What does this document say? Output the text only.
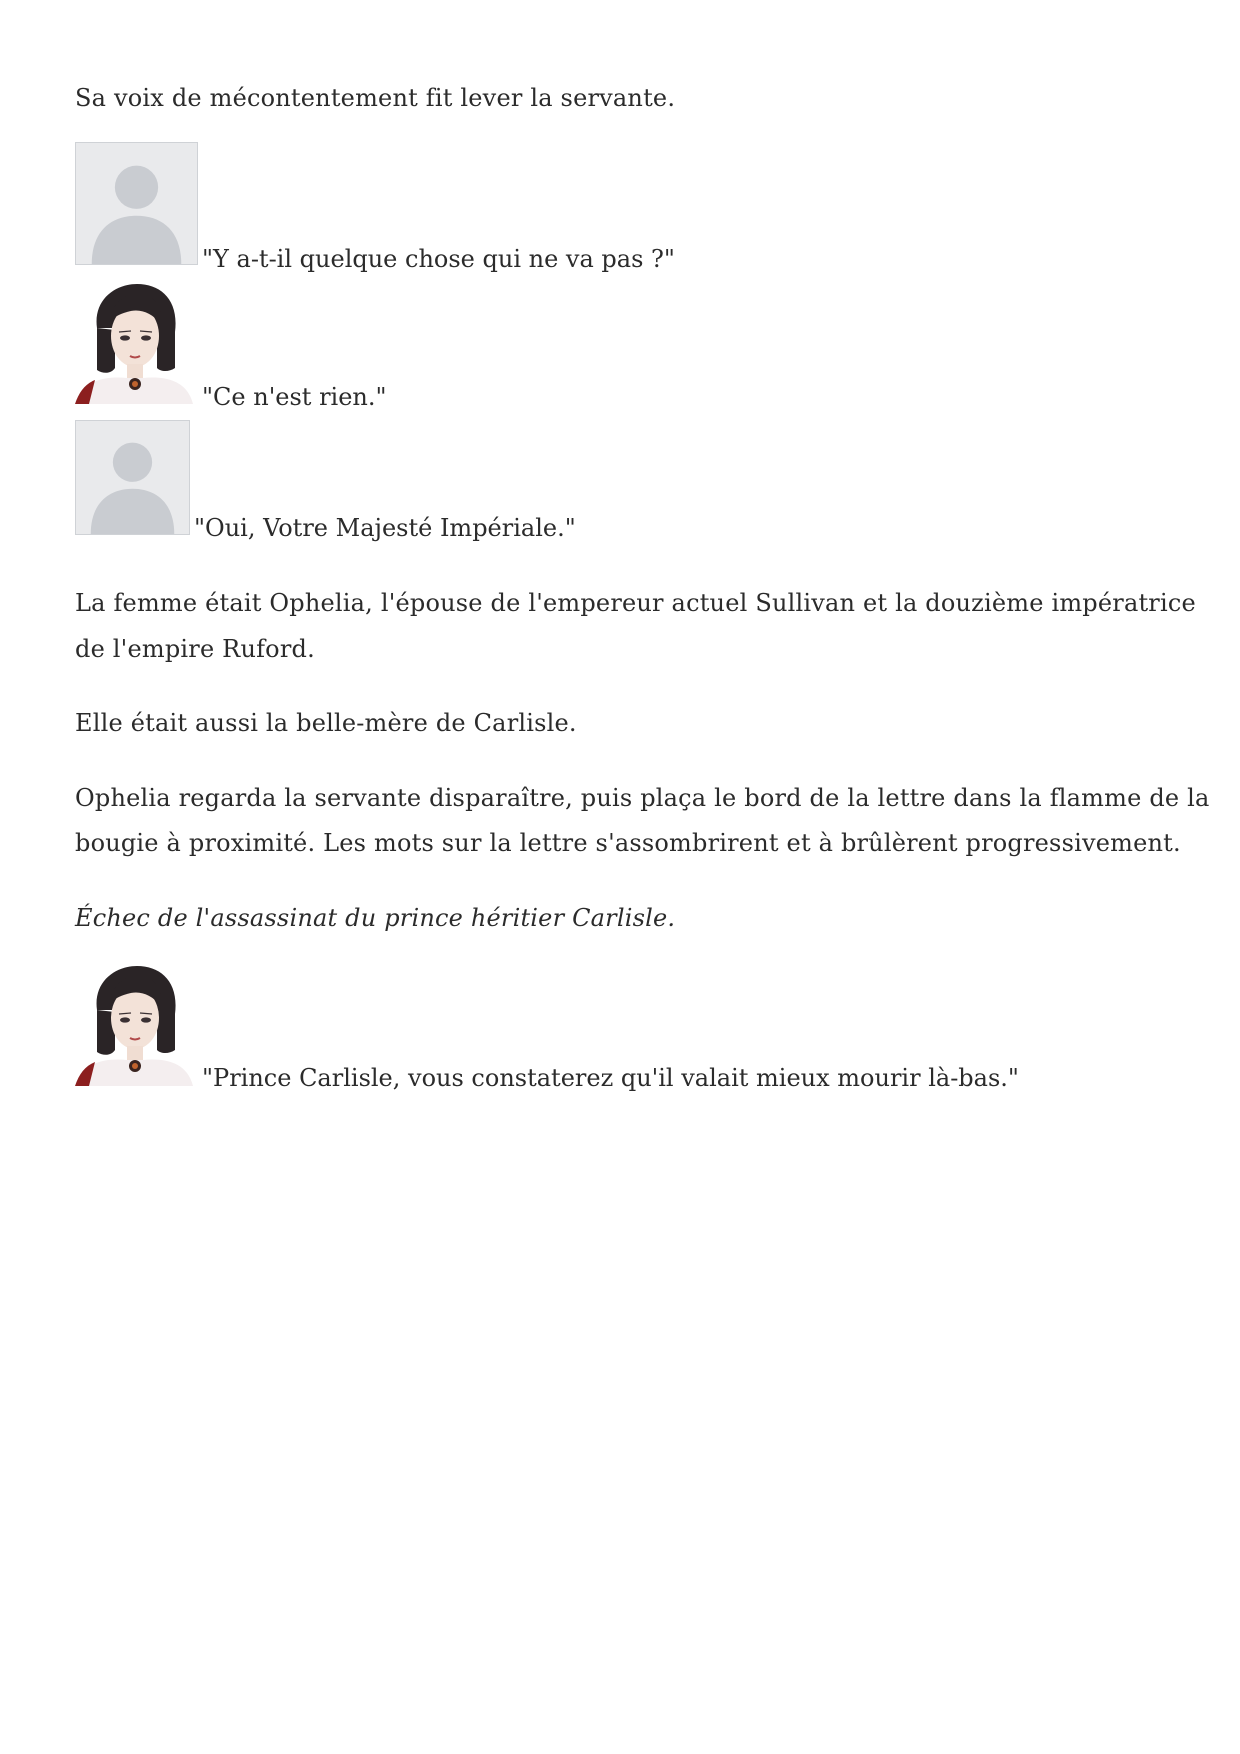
Sa voix de mécontentement fit lever la servante.
"Y a-t-il quelque chose qui ne va pas ?"
"Ce n'est rien."
"Oui, Votre Majesté Impériale."
La femme était Ophelia, l'épouse de l'empereur actuel Sullivan et la douzième impératrice
de l'empire Ruford.
Elle était aussi la belle-mère de Carlisle.
Ophelia regarda la servante disparaître, puis plaça le bord de la lettre dans la flamme de la
bougie à proximité. Les mots sur la lettre s'assombrirent et à brûlèrent progressivement.
Échec de l'assassinat du prince héritier Carlisle.
"Prince Carlisle, vous constaterez qu'il valait mieux mourir là-bas."
